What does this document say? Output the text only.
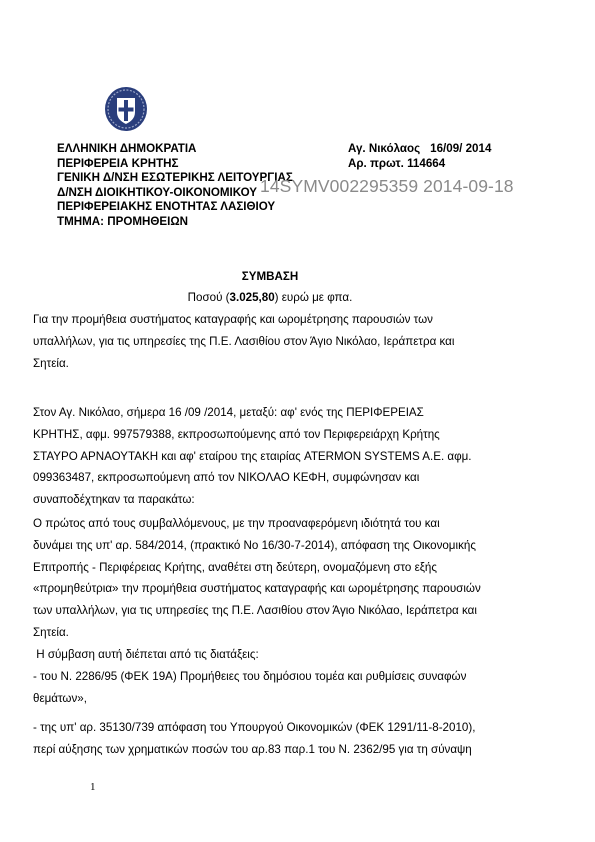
ΕΛΛΗΝΙΚΗ ΔΗΜΟΚΡΑΤΙΑ
ΠΕΡΙΦΕΡΕΙΑ ΚΡΗΤΗΣ
ΓΕΝΙΚΗ Δ/ΝΣΗ ΕΣΩΤΕΡΙΚΗΣ ΛΕΙΤΟΥΡΓΙΑΣ
Δ/ΝΣΗ ΔΙΟΙΚΗΤΙΚΟΥ-ΟΙΚΟΝΟΜΙΚΟΥ
ΠΕΡΙΦΕΡΕΙΑΚΗΣ ΕΝΟΤΗΤΑΣ ΛΑΣΙΘΙΟΥ
ΤΜΗΜΑ: ΠΡΟΜΗΘΕΙΩΝ
Αγ. Νικόλαος 16/09/ 2014
Αρ. πρωτ. 114664
14SYMV002295359 2014-09-18
ΣΥΜΒΑΣΗ
Ποσού (3.025,80) ευρώ με φπα.

Για την προμήθεια συστήματος καταγραφής και ωρομέτρησης παρουσιών των

υπαλλήλων, για τις υπηρεσίες της Π.Ε. Λασιθίου στον Άγιο Νικόλαο, Ιεράπετρα και

Σητεία.

Στον Αγ. Νικόλαο, σήμερα 16 /09 /2014, μεταξύ: αφ' ενός της ΠΕΡΙΦΕΡΕΙΑΣ

ΚΡΗΤΗΣ, αφμ. 997579388, εκπροσωπούμενης από τον Περιφερειάρχη Κρήτης

ΣΤΑΥΡΟ ΑΡΝΑΟΥΤΑΚΗ και αφ' εταίρου της εταιρίας ATERMON SYSTEMS A.E. αφμ.

099363487, εκπροσωπούμενη από τον ΝΙΚΟΛΑΟ ΚΕΦΗ, συμφώνησαν και

συναποδέχτηκαν τα παρακάτω:

Ο πρώτος από τους συμβαλλόμενους, με την προαναφερόμενη ιδιότητά του και

δυνάμει της υπ' αρ. 584/2014, (πρακτικό Νο 16/30-7-2014), απόφαση της Οικονομικής

Επιτροπής - Περιφέρειας Κρήτης, αναθέτει στη δεύτερη, ονομαζόμενη στο εξής

«προμηθεύτρια» την προμήθεια συστήματος καταγραφής και ωρομέτρησης παρουσιών

των υπαλλήλων, για τις υπηρεσίες της Π.Ε. Λασιθίου στον Άγιο Νικόλαο, Ιεράπετρα και

Σητεία.

Η σύμβαση αυτή διέπεται από τις διατάξεις:

- του Ν. 2286/95 (ΦΕΚ 19Α) Προμήθειες του δημόσιου τομέα και ρυθμίσεις συναφών

θεμάτων»,

- της υπ' αρ. 35130/739 απόφαση του Υπουργού Οικονομικών (ΦΕΚ 1291/11-8-2010),

περί αύξησης των χρηματικών ποσών του αρ.83 παρ.1 του Ν. 2362/95 για τη σύναψη

1
